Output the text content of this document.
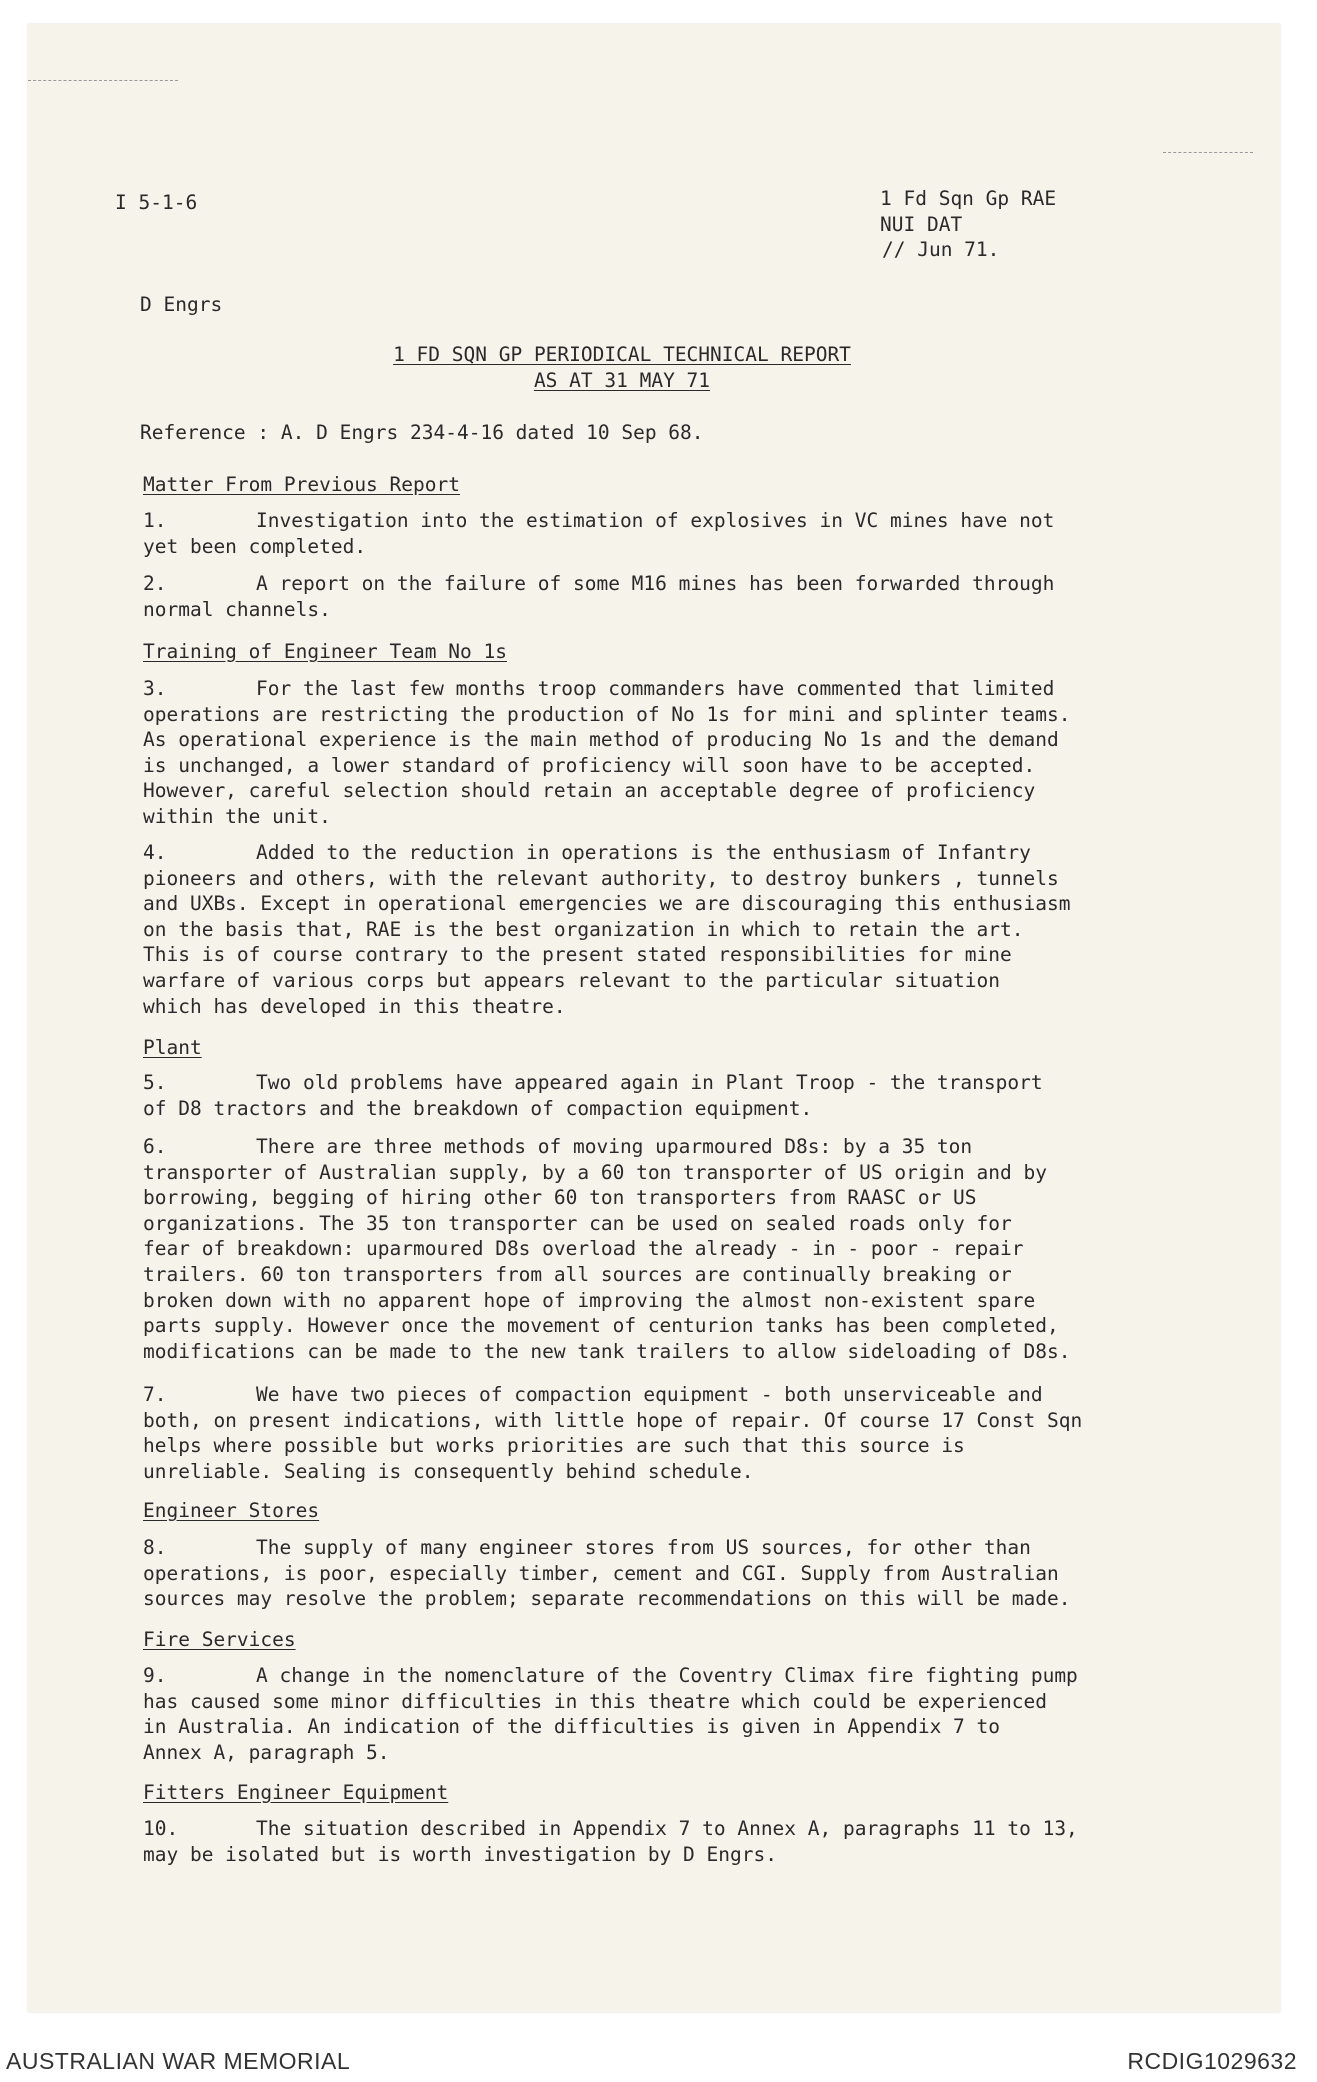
I 5-1-6	1 Fd Sqn Gp RAE
NUI DAT
// Jun 71.
D Engrs
1 FD SQN GP PERIODICAL TECHNICAL REPORT
AS AT 31 MAY 71
Reference : A. D Engrs 234-4-16 dated 10 Sep 68.
Matter From Previous Report
Training of Engineer Team No 1s
Plant
Engineer Stores
Fire Services
Fitters Engineer Equipment
1.	Investigation into the estimation of explosives in VC mines have not
yet been completed.
2.	A report on the failure of some M16 mines has been forwarded through
normal channels.
3.	For the last few months troop commanders have commented that limited
operations are restricting the production of No 1s for mini and splinter teams.
As operational experience is the main method of producing No 1s and the demand
is unchanged, a lower standard of proficiency will soon have to be accepted.
However, careful selection should retain an acceptable degree of proficiency
within the unit.
4.	Added to the reduction in operations is the enthusiasm of Infantry
pioneers and others, with the relevant authority, to destroy bunkers , tunnels
and UXBs. Except in operational emergencies we are discouraging this enthusiasm
on the basis that, RAE is the best organization in which to retain the art.
This is of course contrary to the present stated responsibilities for mine
warfare of various corps but appears relevant to the particular situation
which has developed in this theatre.
5.	Two old problems have appeared again in Plant Troop - the transport
of D8 tractors and the breakdown of compaction equipment.
6.	There are three methods of moving uparmoured D8s: by a 35 ton
transporter of Australian supply, by a 60 ton transporter of US origin and by
borrowing, begging of hiring other 60 ton transporters from RAASC or US
organizations. The 35 ton transporter can be used on sealed roads only for
fear of breakdown: uparmoured D8s overload the already - in - poor - repair
trailers. 60 ton transporters from all sources are continually breaking or
broken down with no apparent hope of improving the almost non-existent spare
parts supply. However once the movement of centurion tanks has been completed,
modifications can be made to the new tank trailers to allow sideloading of D8s.
7.	We have two pieces of compaction equipment - both unserviceable and
both, on present indications, with little hope of repair. Of course 17 Const Sqn
helps where possible but works priorities are such that this source is
unreliable. Sealing is consequently behind schedule.
8.	The supply of many engineer stores from US sources, for other than
operations, is poor, especially timber, cement and CGI. Supply from Australian
sources may resolve the problem; separate recommendations on this will be made.
9.	A change in the nomenclature of the Coventry Climax fire fighting pump
has caused some minor difficulties in this theatre which could be experienced
in Australia. An indication of the difficulties is given in Appendix 7 to
Annex A, paragraph 5.
10.	The situation described in Appendix 7 to Annex A, paragraphs 11 to 13,
may be isolated but is worth investigation by D Engrs.
AUSTRALIAN WAR MEMORIAL	RCDIG1029632
